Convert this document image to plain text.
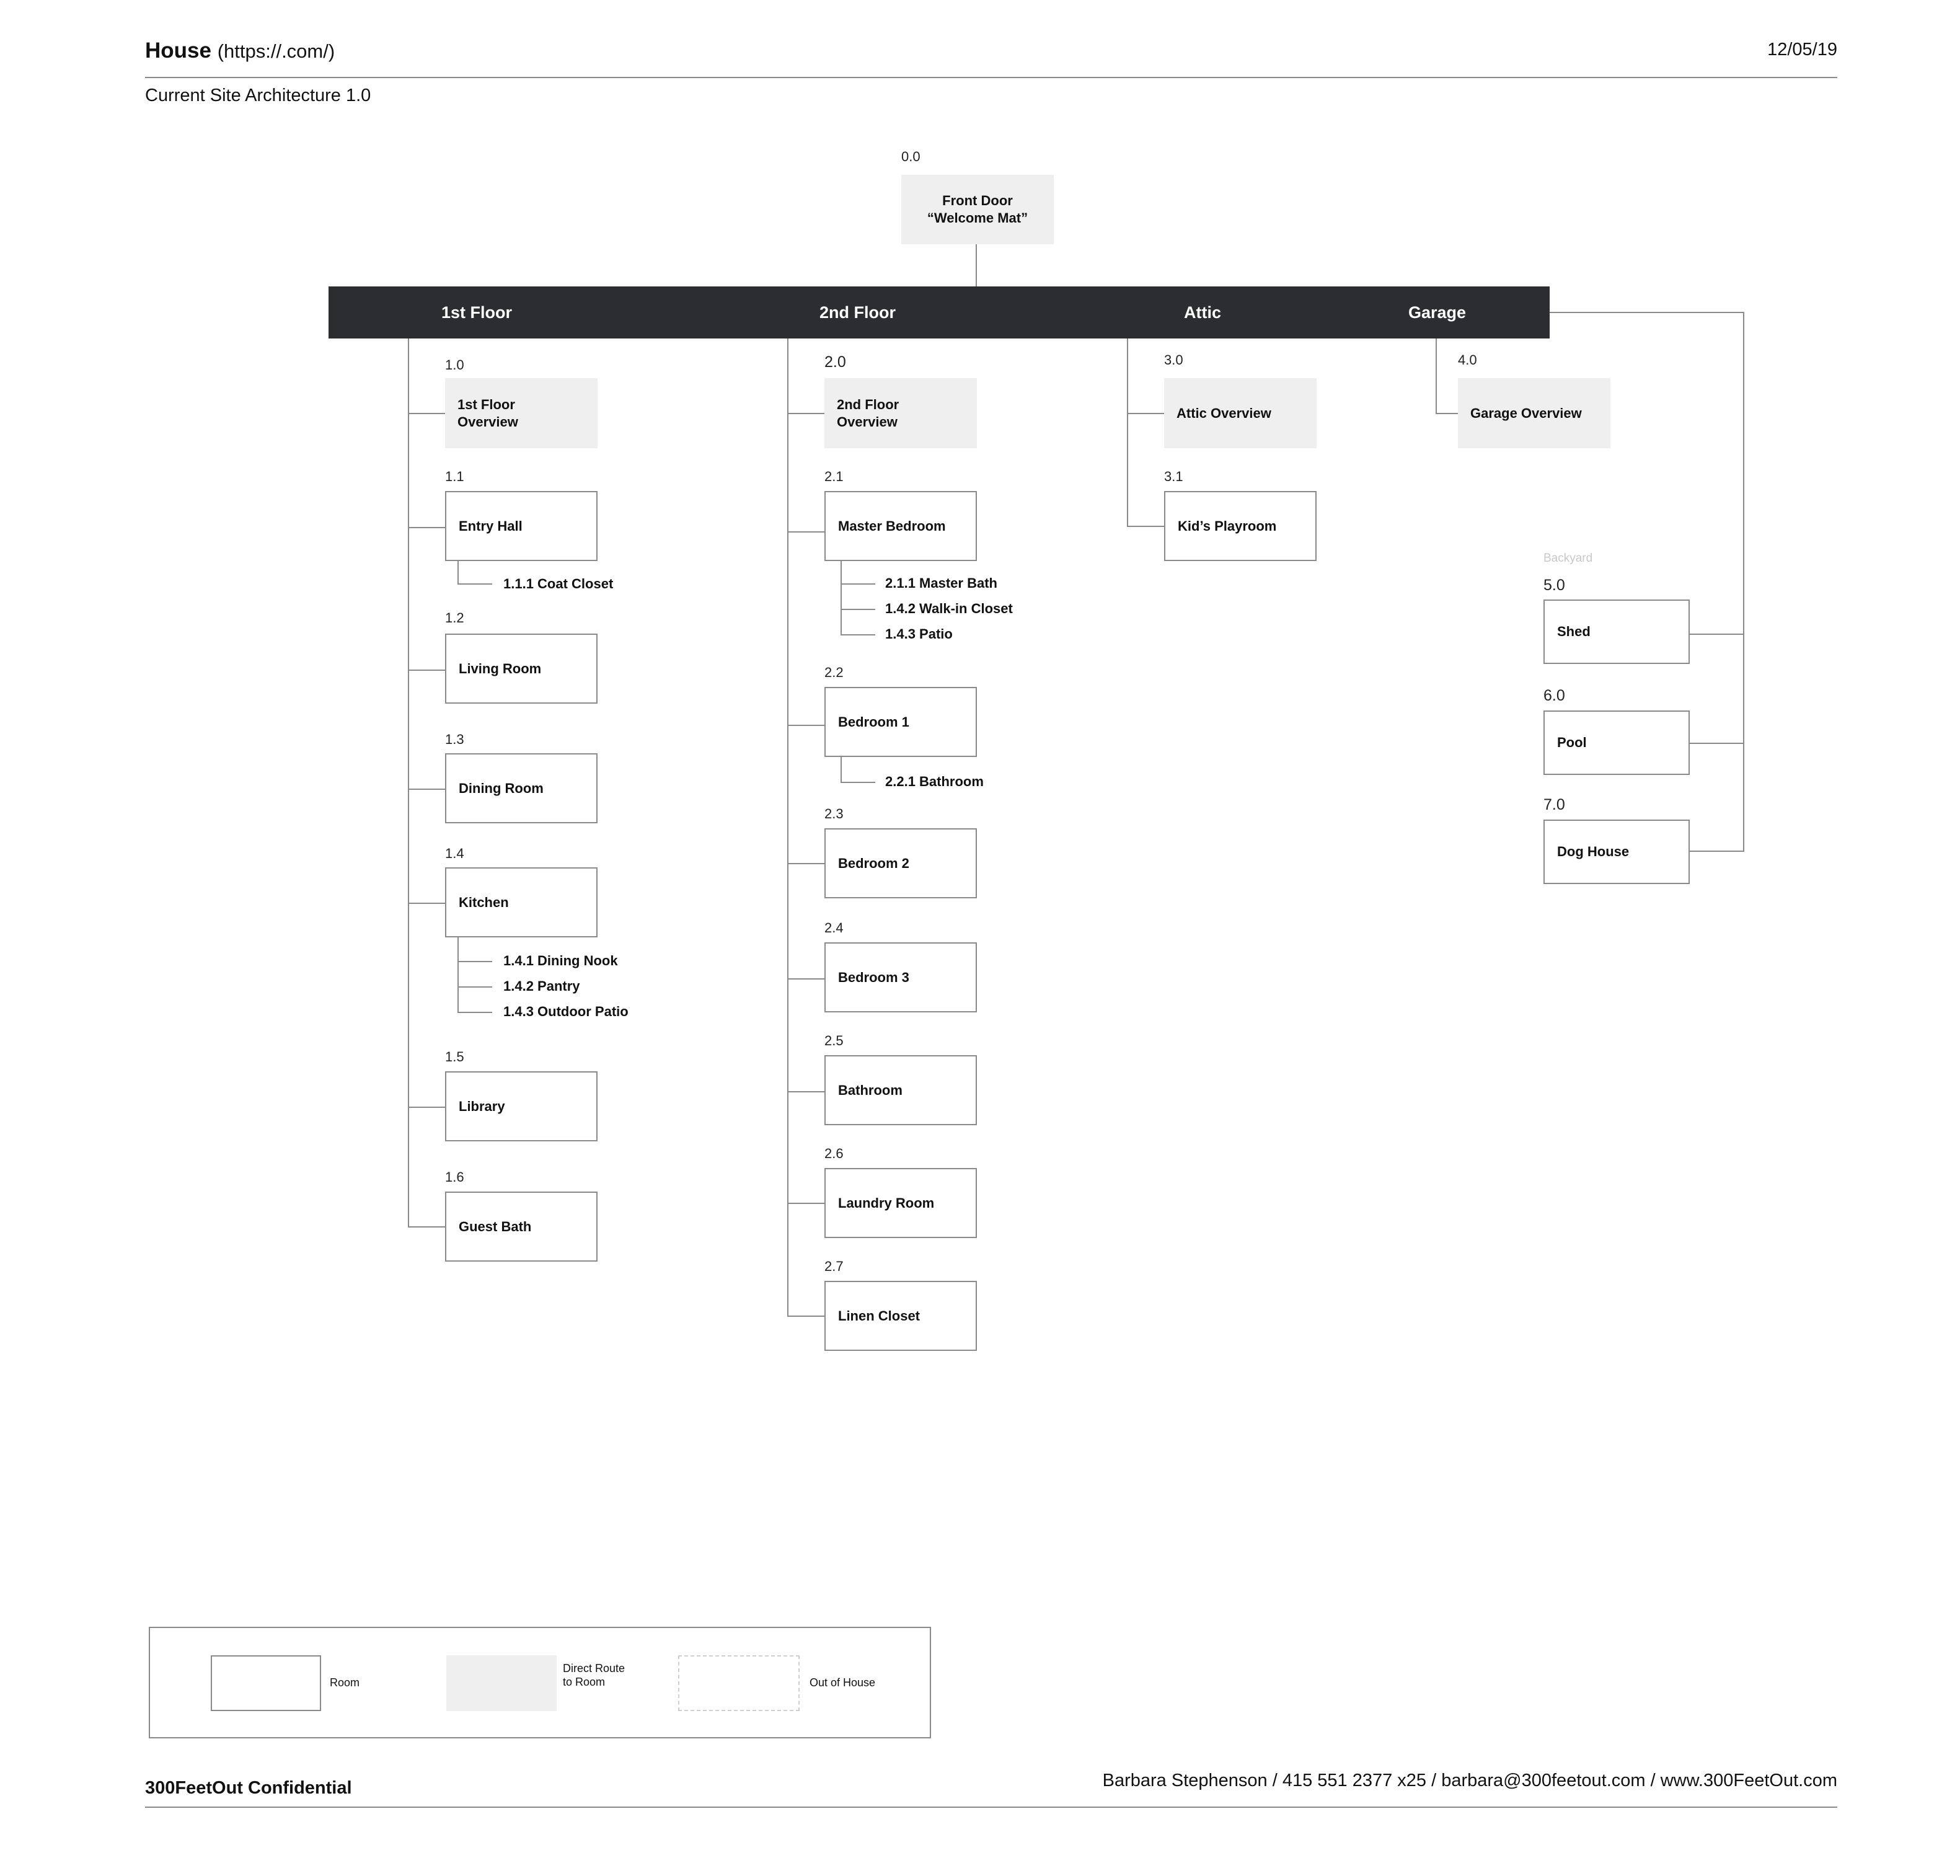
House (https://.com/)	12/05/19
Current Site Architecture 1.0
0.0
Front Door
“Welcome Mat”
1st Floor	2nd Floor	Attic	Garage
1.0
1st Floor
Overview
1.1
Entry Hall
1.1.1 Coat Closet
1.2
Living Room
1.3
Dining Room
1.4
Kitchen
1.4.1 Dining Nook
1.4.2 Pantry
1.4.3 Outdoor Patio
1.5
Library
1.6
Guest Bath
2.0
2nd Floor
Overview
2.1
Master Bedroom
2.1.1 Master Bath
1.4.2 Walk-in Closet
1.4.3 Patio
2.2
Bedroom 1
2.2.1 Bathroom
2.3
Bedroom 2
2.4
Bedroom 3
2.5
Bathroom
2.6
Laundry Room
2.7
Linen Closet
3.0
Attic Overview
3.1
Kid’s Playroom
4.0
Garage Overview
Backyard
5.0
Shed
6.0
Pool
7.0
Dog House
Room
Direct Route
to Room	Out of House
300FeetOut Confidential	Barbara Stephenson / 415 551 2377 x25 / barbara@300feetout.com / www.300FeetOut.com
